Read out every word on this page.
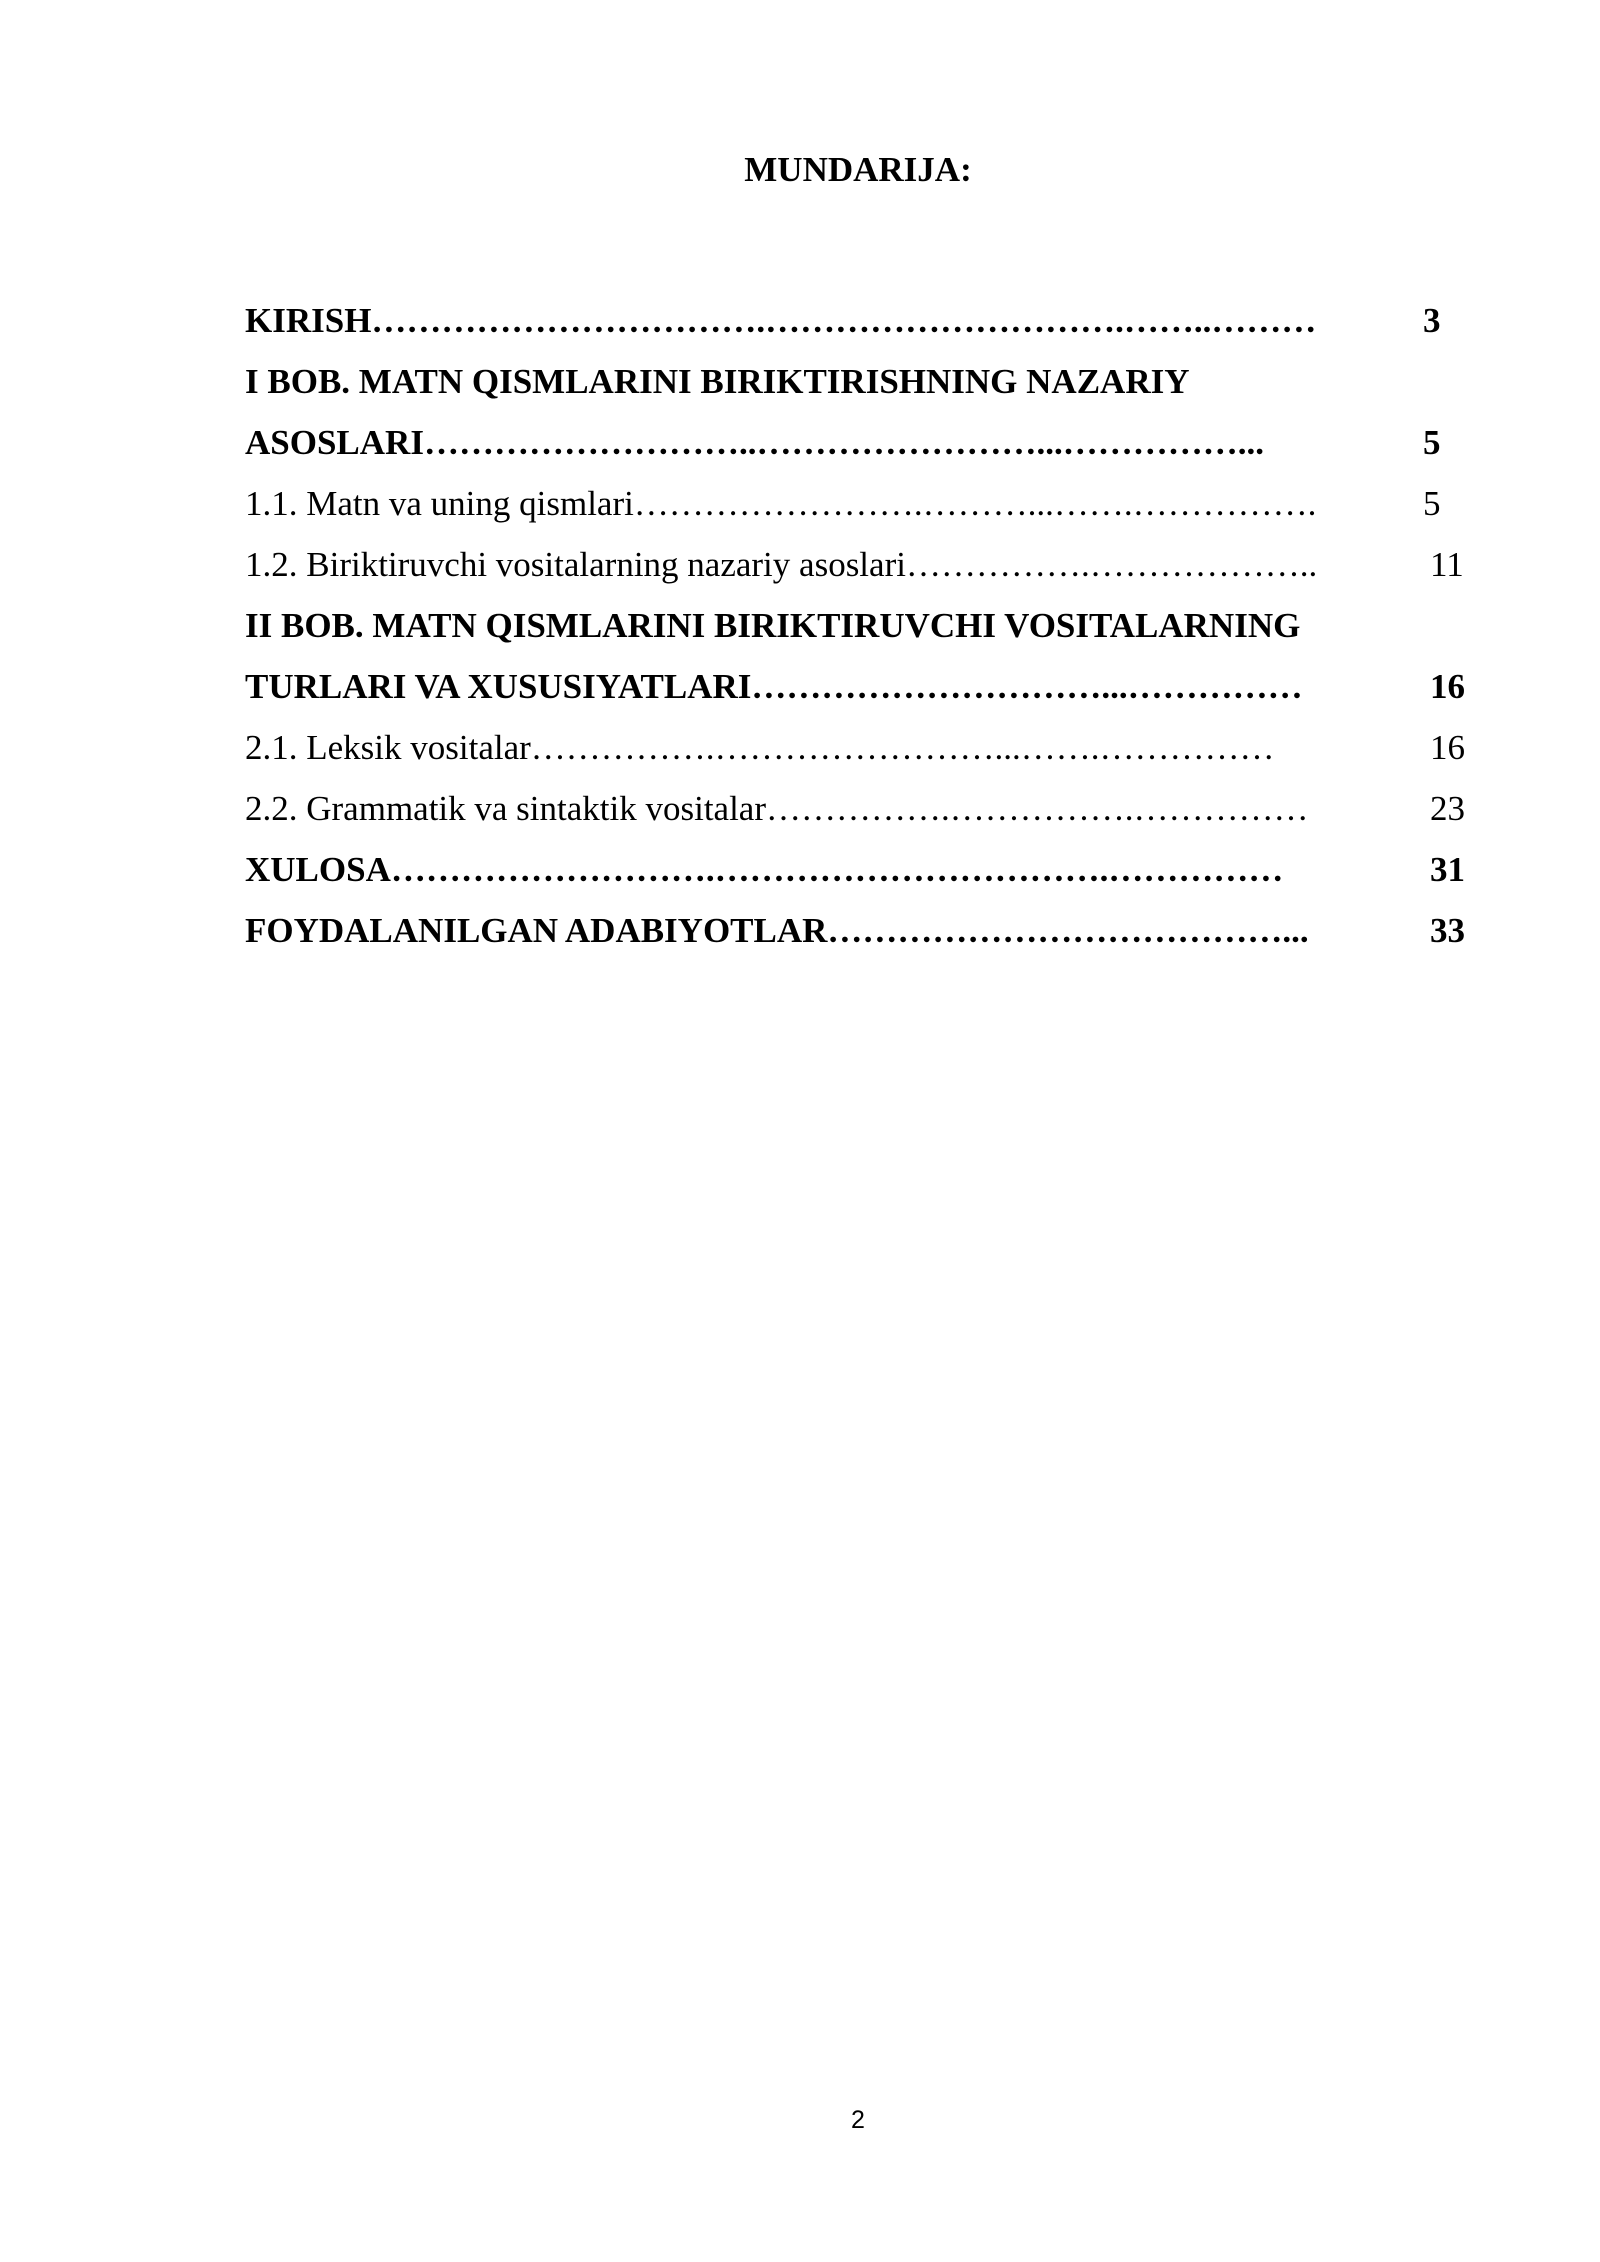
MUNDARIJA:
KIRISH…………………………….………………………….……..………	3
I BOB. MATN QISMLARINI BIRIKTIRISHNING NAZARIY
ASOSLARI………………………..……………………...……………...	5
1.1. Matn va uning qismlari…………………….………...…….…………….	5
1.2. Biriktiruvchi vositalarning nazariy asoslari…………….………………..	11
II BOB. MATN QISMLARINI BIRIKTIRUVCHI VOSITALARNING
TURLARI VA XUSUSIYATLARI…………………………...……………	16
2.1. Leksik vositalar…………….……………………...…….……………	16
2.2. Grammatik va sintaktik vositalar…………….…………….……………	23
XULOSA……………………….…………………………….……………	31
FOYDALANILGAN ADABIYOTLAR…………………………………...	33
2
